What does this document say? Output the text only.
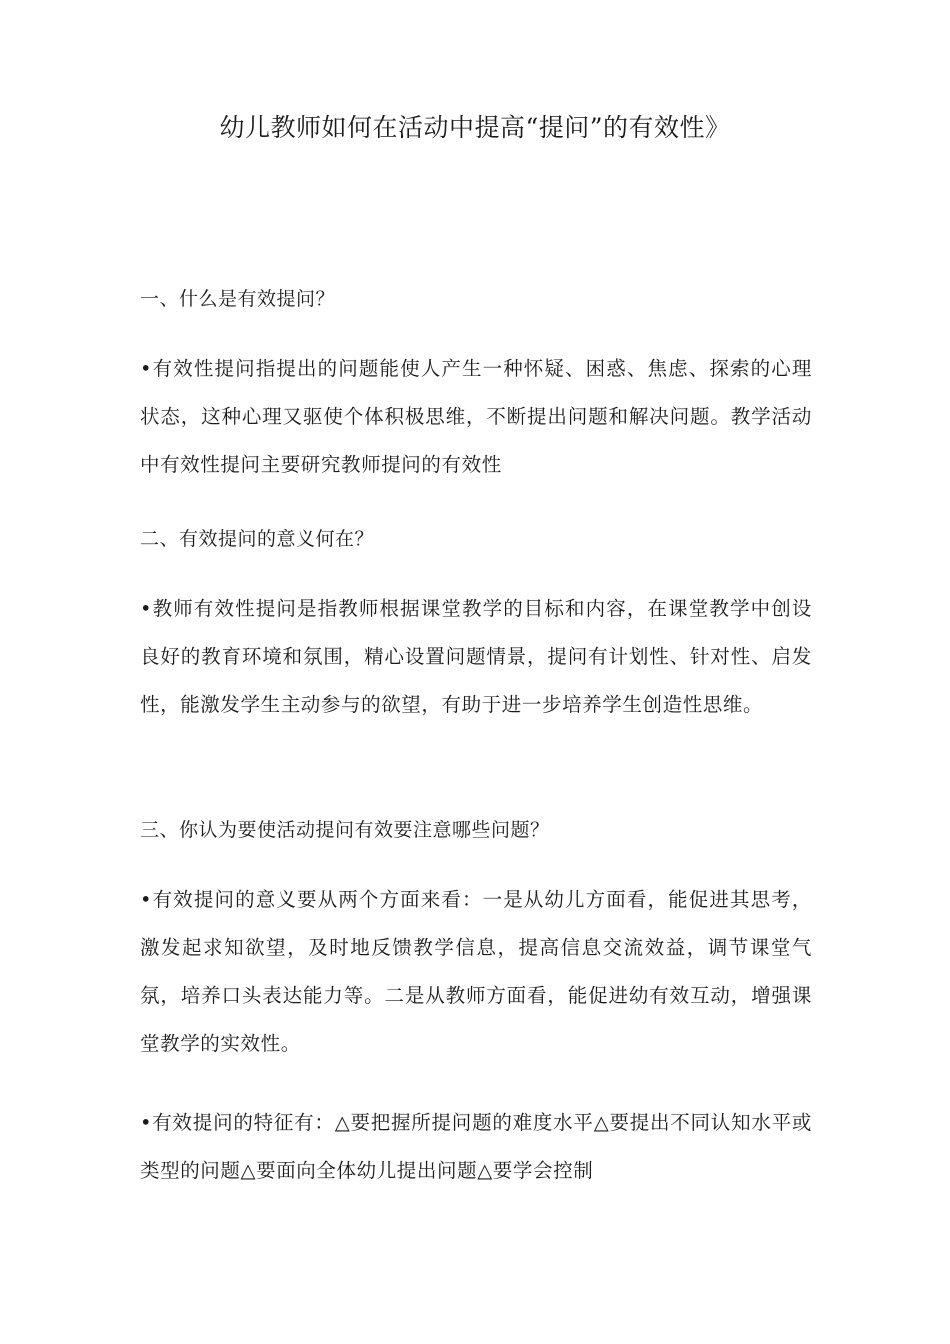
幼儿教师如何在活动中提高“提问”的有效性》
一、什么是有效提问？
•有效性提问指提出的问题能使人产生一种怀疑、困惑、焦虑、探索的心理状态，这种心理又驱使个体积极思维，不断提出问题和解决问题。教学活动中有效性提问主要研究教师提问的有效性
二、有效提问的意义何在？
•教师有效性提问是指教师根据课堂教学的目标和内容，在课堂教学中创设良好的教育环境和氛围，精心设置问题情景，提问有计划性、针对性、启发性，能激发学生主动参与的欲望，有助于进一步培养学生创造性思维。
三、你认为要使活动提问有效要注意哪些问题？
•有效提问的意义要从两个方面来看：一是从幼儿方面看，能促进其思考，激发起求知欲望，及时地反馈教学信息，提高信息交流效益，调节课堂气氛，培养口头表达能力等。二是从教师方面看，能促进幼有效互动，增强课堂教学的实效性。
•有效提问的特征有：△要把握所提问题的难度水平△要提出不同认知水平或类型的问题△要面向全体幼儿提出问题△要学会控制
